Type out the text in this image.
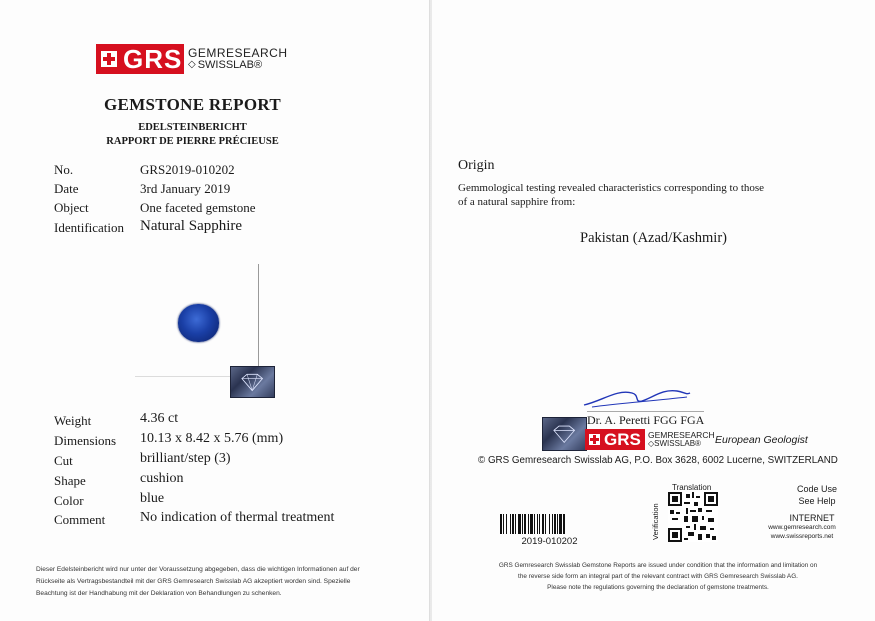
GRS GEMRESEARCH
◇ SWISSLAB®
GEMSTONE REPORT
EDELSTEINBERICHT
RAPPORT DE PIERRE PRÉCIEUSE
No.	GRS2019-010202
Date	3rd January 2019
Object	One faceted gemstone
Identification Natural Sapphire
Weight	4.36 ct
Dimensions 10.13 x 8.42 x 5.76 (mm)
Cut	brilliant/step (3)
Shape	cushion
Color	blue
Comment No indication of thermal treatment
Dieser Edelsteinbericht wird nur unter der Voraussetzung abgegeben, dass die wichtigen Informationen auf der
Rückseite als Vertragsbestandteil mit der GRS Gemresearch Swisslab AG akzeptiert worden sind. Spezielle
Beachtung ist der Handhabung mit der Deklaration von Behandlungen zu schenken.
Origin
Gemmological testing revealed characteristics corresponding to those
of a natural sapphire from:
Pakistan (Azad/Kashmir)
Dr. A. Peretti FGG FGA
GRS GEMRESEARCH
◇SWISSLAB®	European Geologist
© GRS Gemresearch Swisslab AG, P.O. Box 3628, 6002 Lucerne, SWITZERLAND
Translation
Verification
Code Use
See Help
INTERNET
www.gemresearch.com
www.swissreports.net
2019-010202
GRS Gemresearch Swisslab Gemstone Reports are issued under condition that the information and limitation on
the reverse side form an integral part of the relevant contract with GRS Gemresearch Swisslab AG.
Please note the regulations governing the declaration of gemstone treatments.
